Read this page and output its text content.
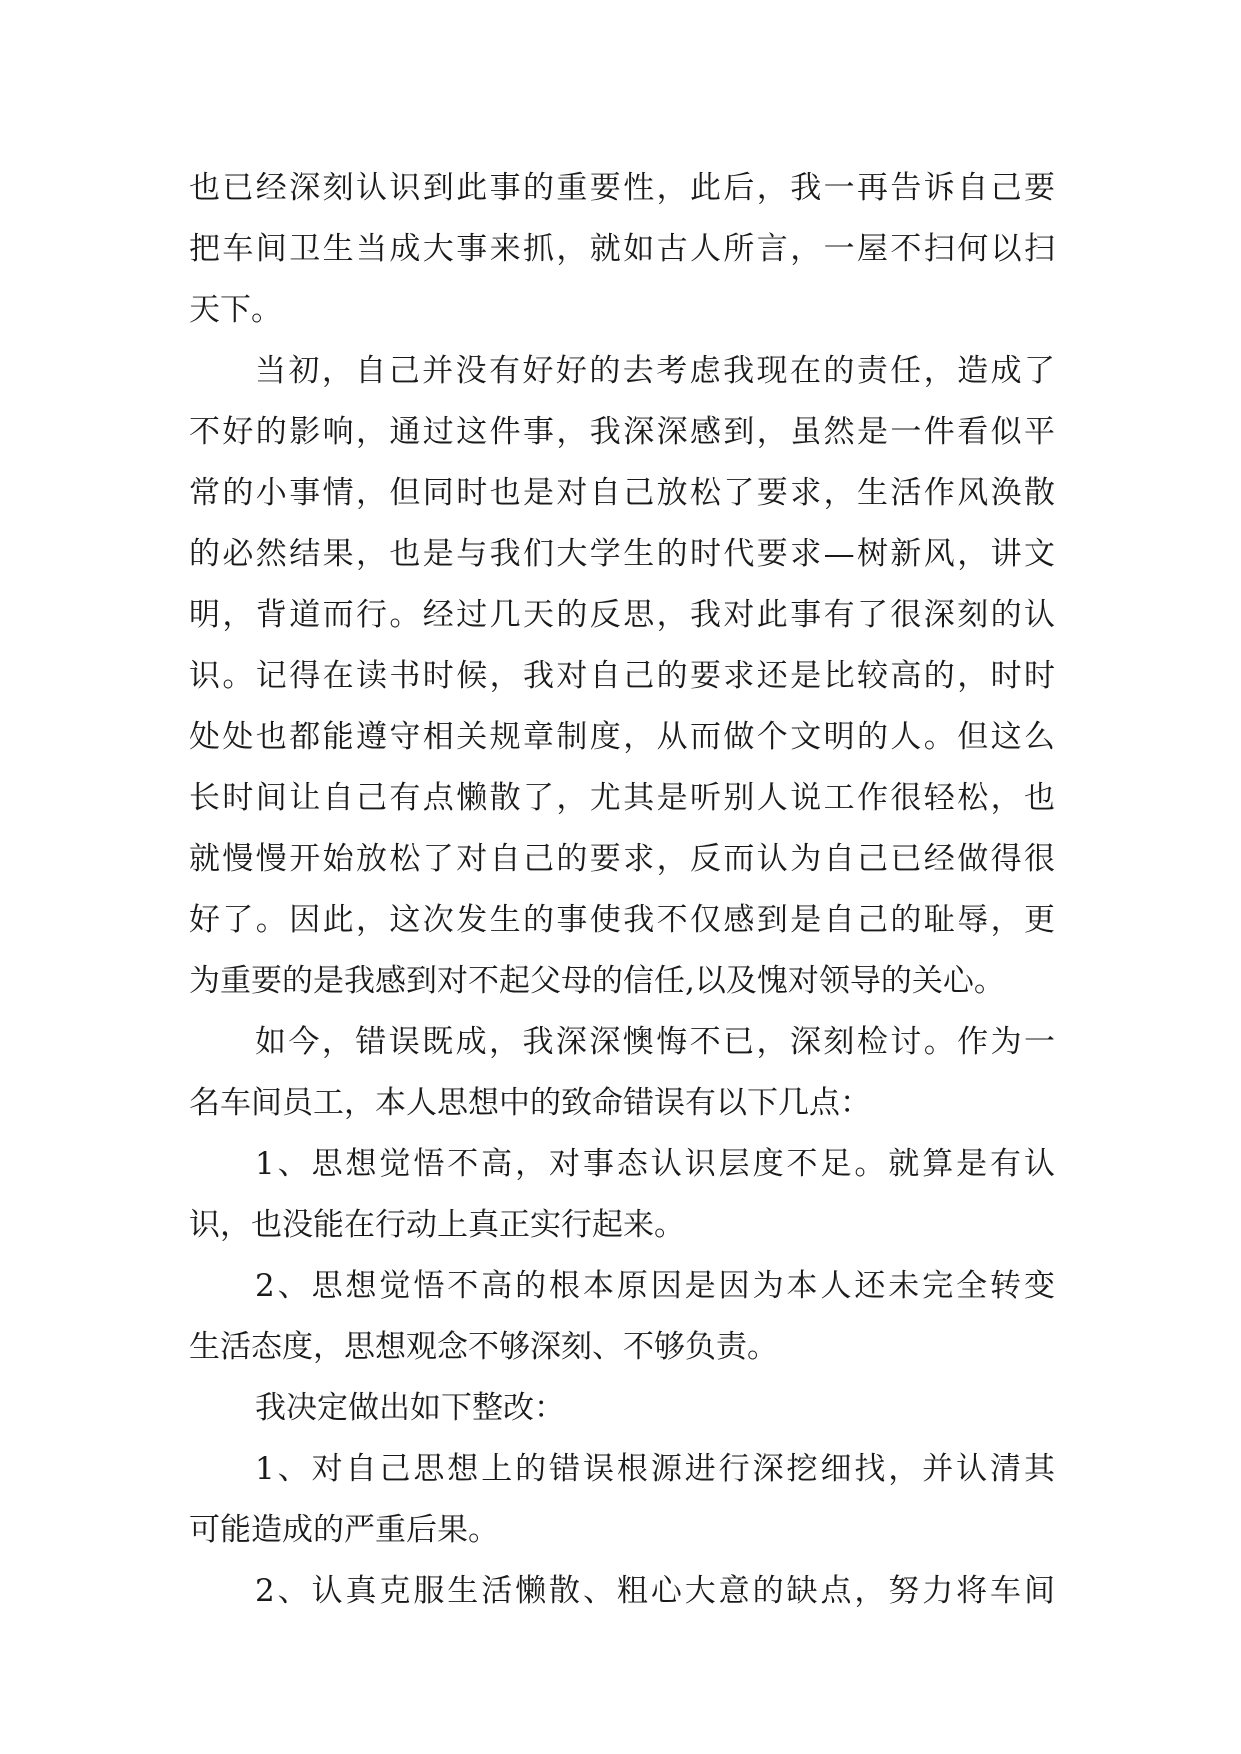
也已经深刻认识到此事的重要性，此后，我一再告诉自己要
把车间卫生当成大事来抓，就如古人所言，一屋不扫何以扫
天下。
当初，自己并没有好好的去考虑我现在的责任，造成了
不好的影响，通过这件事，我深深感到，虽然是一件看似平
常的小事情，但同时也是对自己放松了要求，生活作风涣散
的必然结果，也是与我们大学生的时代要求—树新风，讲文
明，背道而行。经过几天的反思，我对此事有了很深刻的认
识。记得在读书时候，我对自己的要求还是比较高的，时时
处处也都能遵守相关规章制度，从而做个文明的人。但这么
长时间让自己有点懒散了，尤其是听别人说工作很轻松，也
就慢慢开始放松了对自己的要求，反而认为自己已经做得很
好了。因此，这次发生的事使我不仅感到是自己的耻辱，更
为重要的是我感到对不起父母的信任,以及愧对领导的关心。
如今，错误既成，我深深懊悔不已，深刻检讨。作为一
名车间员工，本人思想中的致命错误有以下几点：
1、思想觉悟不高，对事态认识层度不足。就算是有认
识，也没能在行动上真正实行起来。
2、思想觉悟不高的根本原因是因为本人还未完全转变
生活态度，思想观念不够深刻、不够负责。
我决定做出如下整改：
1、对自己思想上的错误根源进行深挖细找，并认清其
可能造成的严重后果。
2、认真克服生活懒散、粗心大意的缺点，努力将车间
